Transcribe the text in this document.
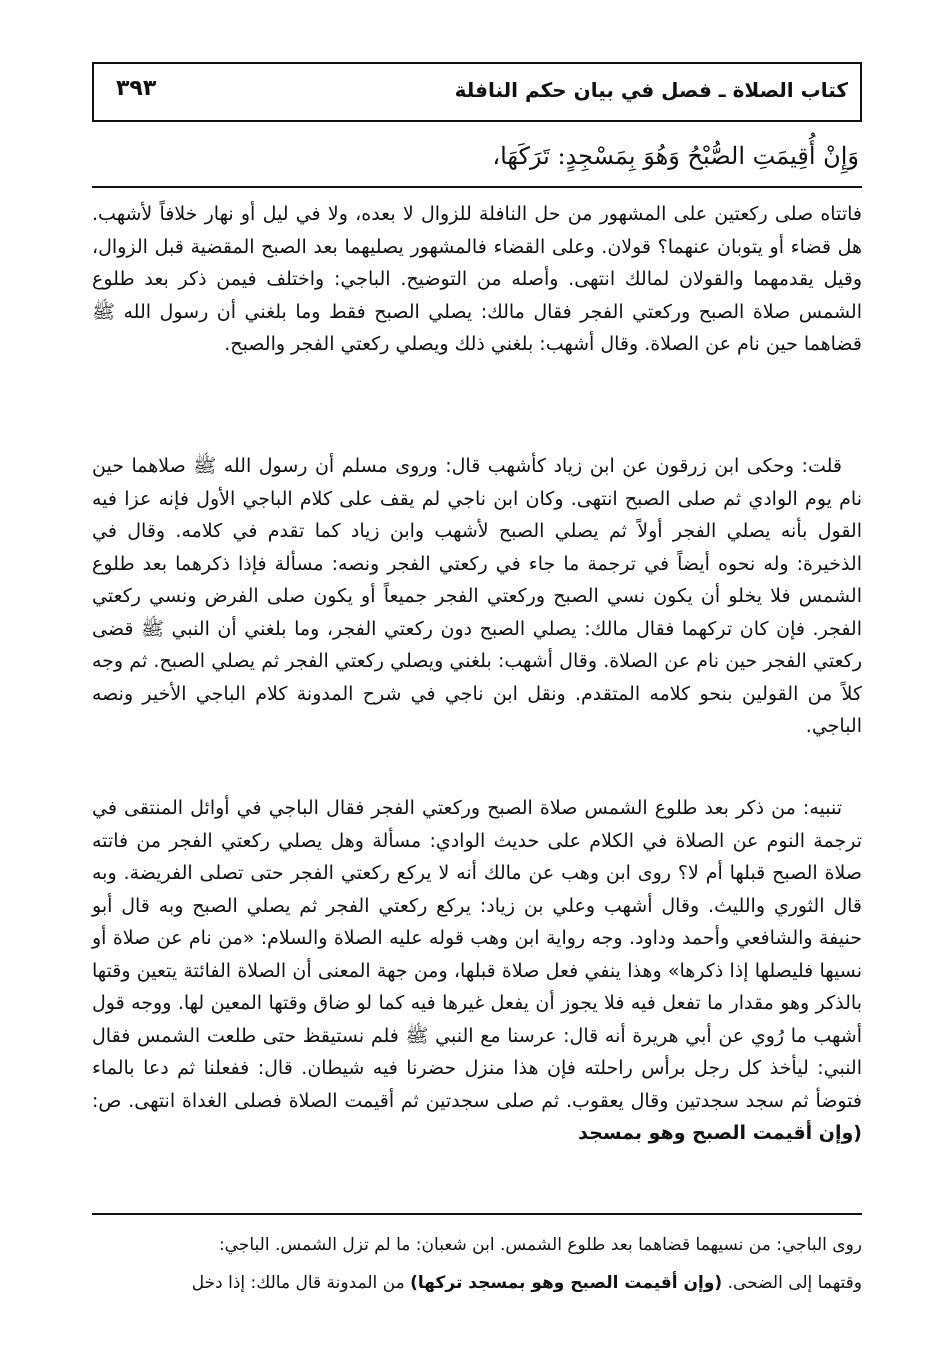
كتاب الصلاة ـ فصل في بيان حكم النافلة
٣٩٣
وَإِنْ أُقِيمَتِ الصُّبْحُ وَهُوَ بِمَسْجِدٍ: تَرَكَهَا،
فاتتاه صلى ركعتين على المشهور من حل النافلة للزوال لا بعده، ولا في ليل أو نهار خلافاً لأشهب. هل قضاء أو يتوبان عنهما؟ قولان. وعلى القضاء فالمشهور يصليهما بعد الصبح المقضية قبل الزوال، وقيل يقدمهما والقولان لمالك انتهى. وأصله من التوضيح. الباجي: واختلف فيمن ذكر بعد طلوع الشمس صلاة الصبح وركعتي الفجر فقال مالك: يصلي الصبح فقط وما بلغني أن رسول الله ﷺ قضاهما حين نام عن الصلاة. وقال أشهب: بلغني ذلك ويصلي ركعتي الفجر والصبح.
قلت: وحكى ابن زرقون عن ابن زياد كأشهب قال: وروى مسلم أن رسول الله ﷺ صلاهما حين نام يوم الوادي ثم صلى الصبح انتهى. وكان ابن ناجي لم يقف على كلام الباجي الأول فإنه عزا فيه القول بأنه يصلي الفجر أولاً ثم يصلي الصبح لأشهب وابن زياد كما تقدم في كلامه. وقال في الذخيرة: وله نحوه أيضاً في ترجمة ما جاء في ركعتي الفجر ونصه: مسألة فإذا ذكرهما بعد طلوع الشمس فلا يخلو أن يكون نسي الصبح وركعتي الفجر جميعاً أو يكون صلى الفرض ونسي ركعتي الفجر. فإن كان تركهما فقال مالك: يصلي الصبح دون ركعتي الفجر، وما بلغني أن النبي ﷺ قضى ركعتي الفجر حين نام عن الصلاة. وقال أشهب: بلغني ويصلي ركعتي الفجر ثم يصلي الصبح. ثم وجه كلاً من القولين بنحو كلامه المتقدم. ونقل ابن ناجي في شرح المدونة كلام الباجي الأخير ونصه الباجي.
تنبيه: من ذكر بعد طلوع الشمس صلاة الصبح وركعتي الفجر فقال الباجي في أوائل المنتقى في ترجمة النوم عن الصلاة في الكلام على حديث الوادي: مسألة وهل يصلي ركعتي الفجر من فاتته صلاة الصبح قبلها أم لا؟ روى ابن وهب عن مالك أنه لا يركع ركعتي الفجر حتى تصلى الفريضة. وبه قال الثوري والليث. وقال أشهب وعلي بن زياد: يركع ركعتي الفجر ثم يصلي الصبح وبه قال أبو حنيفة والشافعي وأحمد وداود. وجه رواية ابن وهب قوله عليه الصلاة والسلام: «من نام عن صلاة أو نسيها فليصلها إذا ذكرها» وهذا ينفي فعل صلاة قبلها، ومن جهة المعنى أن الصلاة الفائتة يتعين وقتها بالذكر وهو مقدار ما تفعل فيه فلا يجوز أن يفعل غيرها فيه كما لو ضاق وقتها المعين لها. ووجه قول أشهب ما رُوي عن أبي هريرة أنه قال: عرسنا مع النبي ﷺ فلم نستيقظ حتى طلعت الشمس فقال النبي: ليأخذ كل رجل برأس راحلته فإن هذا منزل حضرنا فيه شيطان. قال: ففعلنا ثم دعا بالماء فتوضأ ثم سجد سجدتين وقال يعقوب. ثم صلى سجدتين ثم أقيمت الصلاة فصلى الغداة انتهى. ص: (وإن أقيمت الصبح وهو بمسجد
روى الباجي: من نسيهما قضاهما بعد طلوع الشمس. ابن شعبان: ما لم تزل الشمس. الباجي:
وقتهما إلى الضحى. (وإن أقيمت الصبح وهو بمسجد تركها) من المدونة قال مالك: إذا دخل
